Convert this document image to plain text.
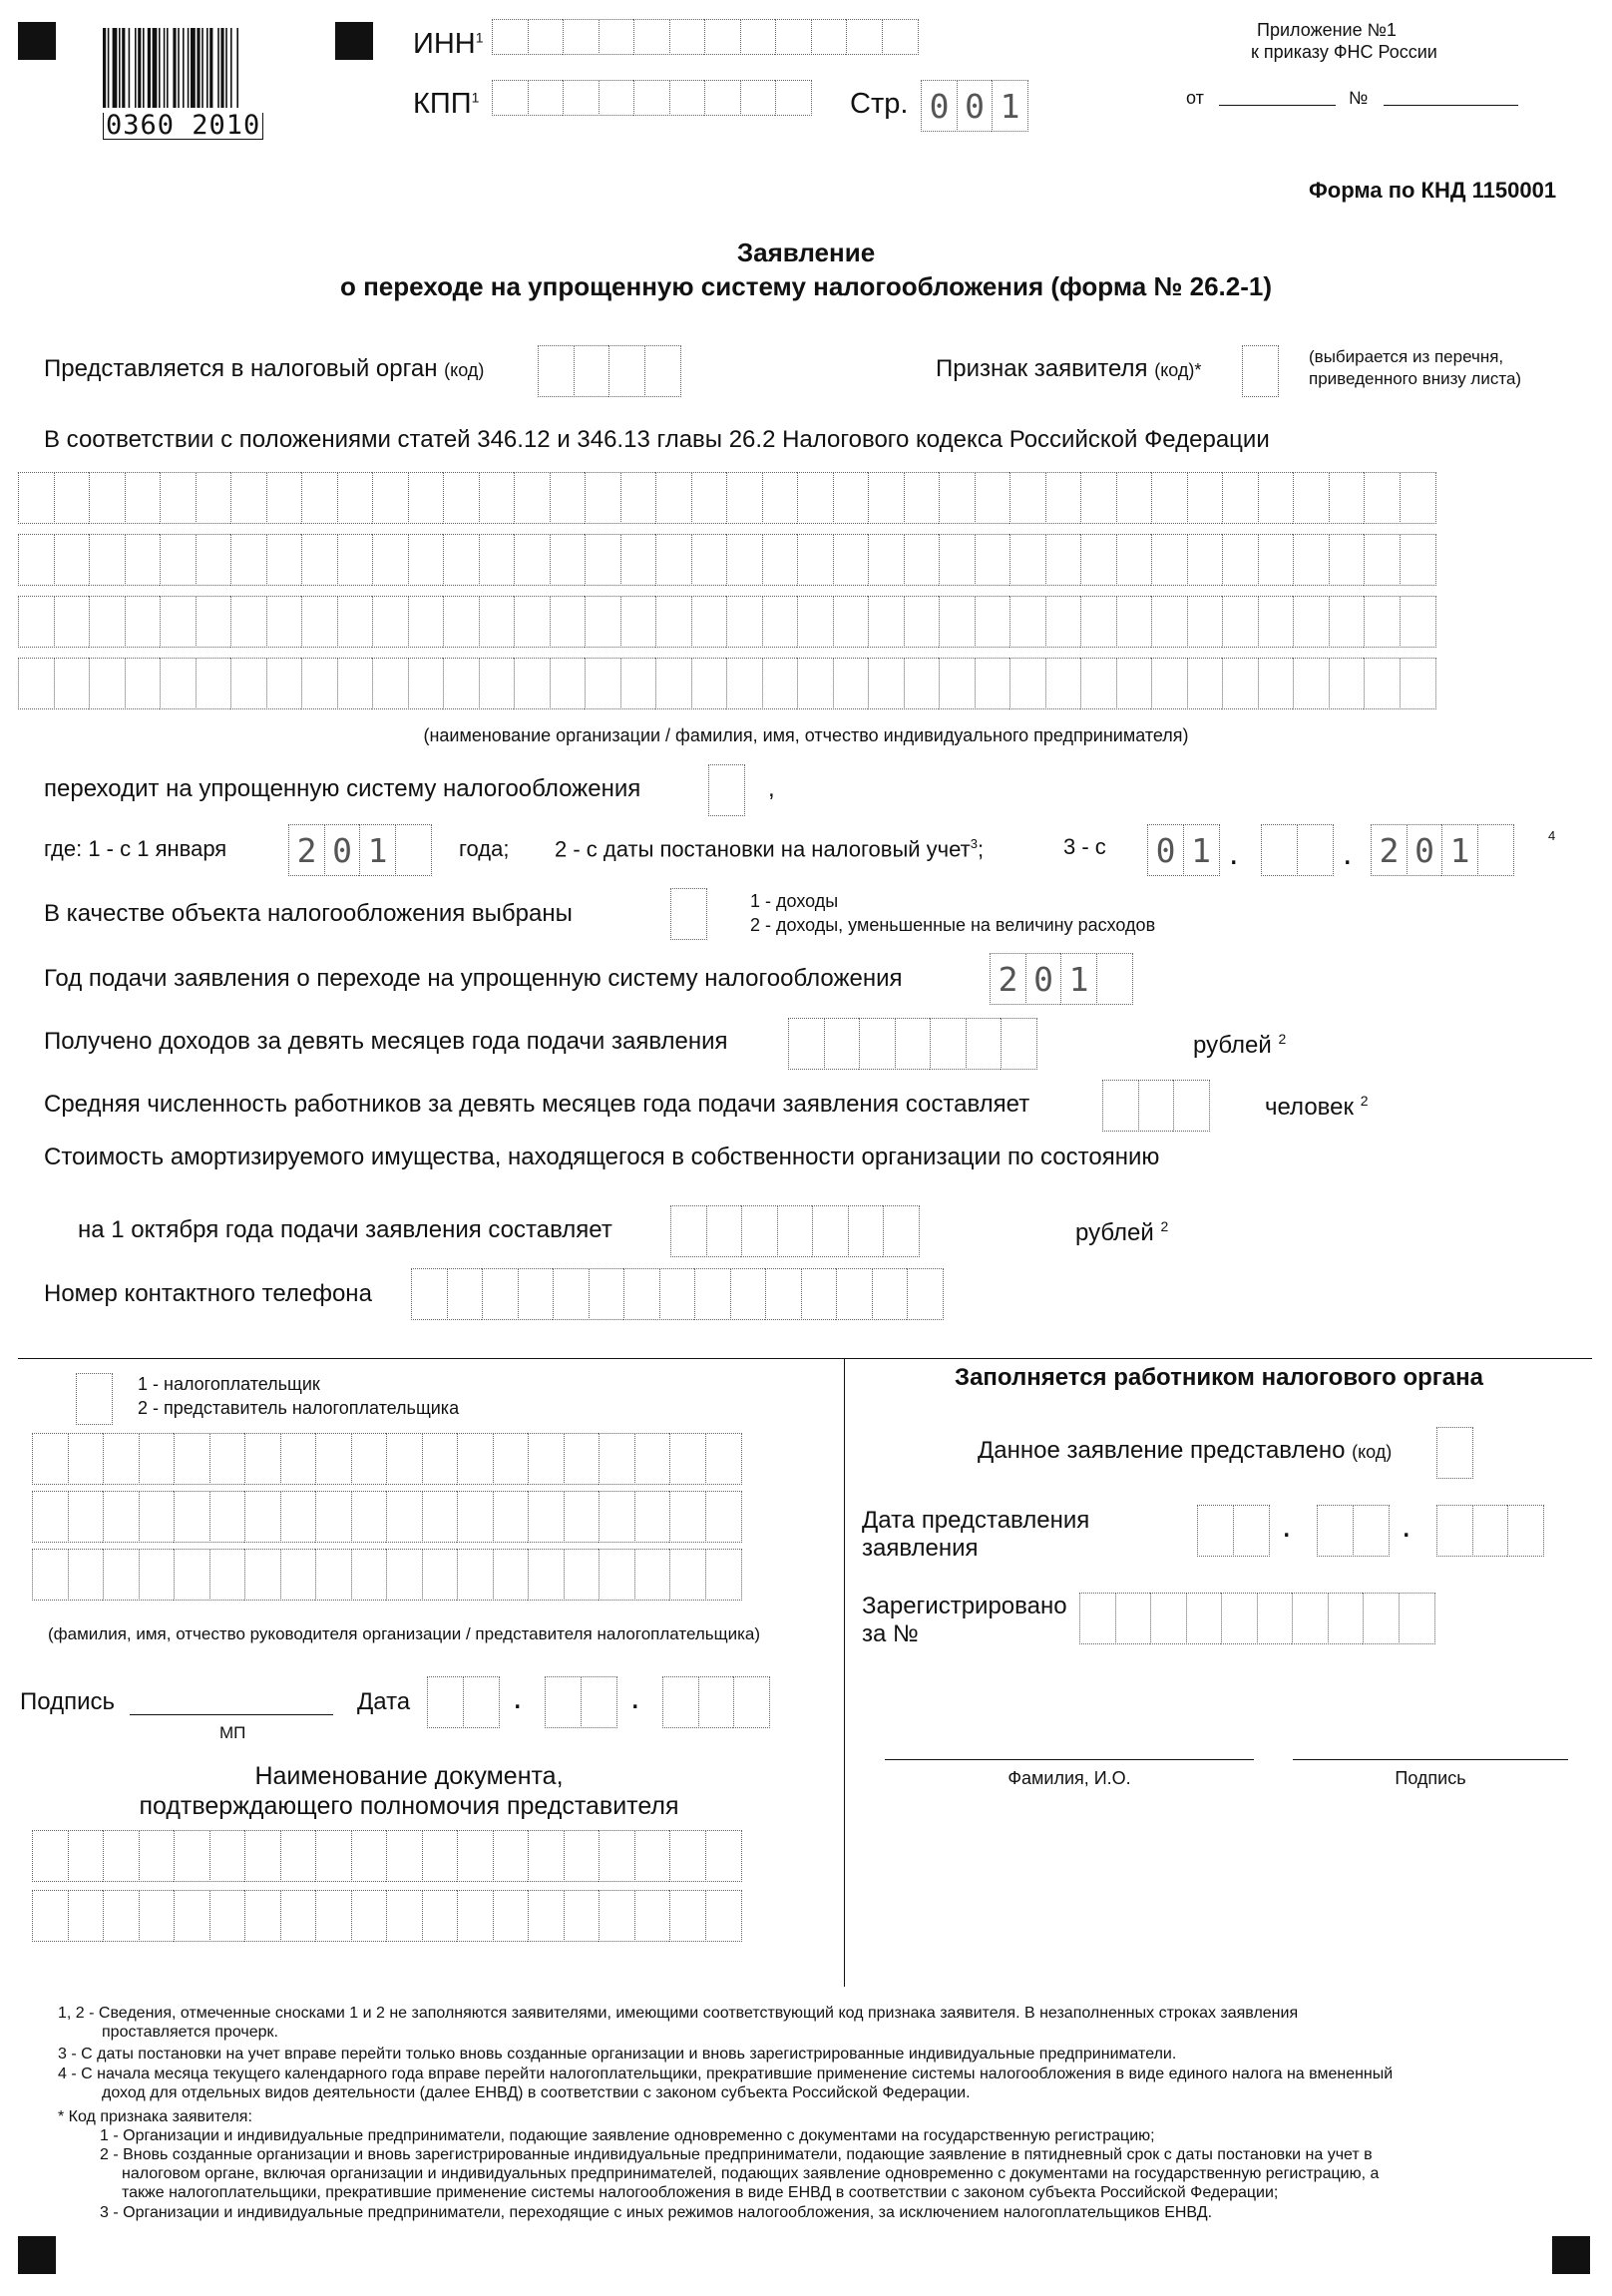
0360 2010
ИНН$^1$
КПП$^1$	Стр. 0 0 1
Приложение №1
к приказу ФНС России
от	№
Форма по КНД 1150001
Заявление
о переходе на упрощенную систему налогообложения (форма № 26.2-1)
Представляется в налоговый орган (код)	Признак заявителя (код)*
(выбирается из перечня,
приведенного внизу листа)
В соответствии с положениями статей 346.12 и 346.13 главы 26.2 Налогового кодекса Российской Федерации
(наименование организации / фамилия, имя, отчество индивидуального предпринимателя)
переходит на упрощенную систему налогообложения	,
где: 1 - с 1 января 2 0 1	года; 2 - с даты постановки на налоговый учет$^3$;	3 - с 0 1 .	. 2 0 1	4
В качестве объекта налогообложения выбраны	1 - доходы
2 - доходы, уменьшенные на величину расходов
Год подачи заявления о переходе на упрощенную систему налогообложения	2 0 1
Получено доходов за девять месяцев года подачи заявления	рублей $^2$
Средняя численность работников за девять месяцев года подачи заявления составляет	человек $^2$
Стоимость амортизируемого имущества, находящегося в собственности организации по состоянию
на 1 октября года подачи заявления составляет	рублей $^2$
Номер контактного телефона
1 - налогоплательщик
2 - представитель налогоплательщика
(фамилия, имя, отчество руководителя организации / представителя налогоплательщика)
Подпись
МП
Дата	.	.
Наименование документа,
подтверждающего полномочия представителя
Заполняется работником налогового органа
Данное заявление представлено (код)
Дата представления
заявления
.	.
Зарегистрировано
за №
Фамилия, И.О.	Подпись
1, 2 - Сведения, отмеченные сносками 1 и 2 не заполняются заявителями, имеющими соответствующий код признака заявителя. В незаполненных строках заявления
проставляется прочерк.
3 - С даты постановки на учет вправе перейти только вновь созданные организации и вновь зарегистрированные индивидуальные предприниматели.
4 - С начала месяца текущего календарного года вправе перейти налогоплательщики, прекратившие применение системы налогообложения в виде единого налога на вмененный
доход для отдельных видов деятельности (далее ЕНВД) в соответствии с законом субъекта Российской Федерации.
* Код признака заявителя:
1 - Организации и индивидуальные предприниматели, подающие заявление одновременно с документами на государственную регистрацию;
2 - Вновь созданные организации и вновь зарегистрированные индивидуальные предприниматели, подающие заявление в пятидневный срок с даты постановки на учет в
налоговом органе, включая организации и индивидуальных предпринимателей, подающих заявление одновременно с документами на государственную регистрацию, а
также налогоплательщики, прекратившие применение системы налогообложения в виде ЕНВД в соответствии с законом субъекта Российской Федерации;
3 - Организации и индивидуальные предприниматели, переходящие с иных режимов налогообложения, за исключением налогоплательщиков ЕНВД.
